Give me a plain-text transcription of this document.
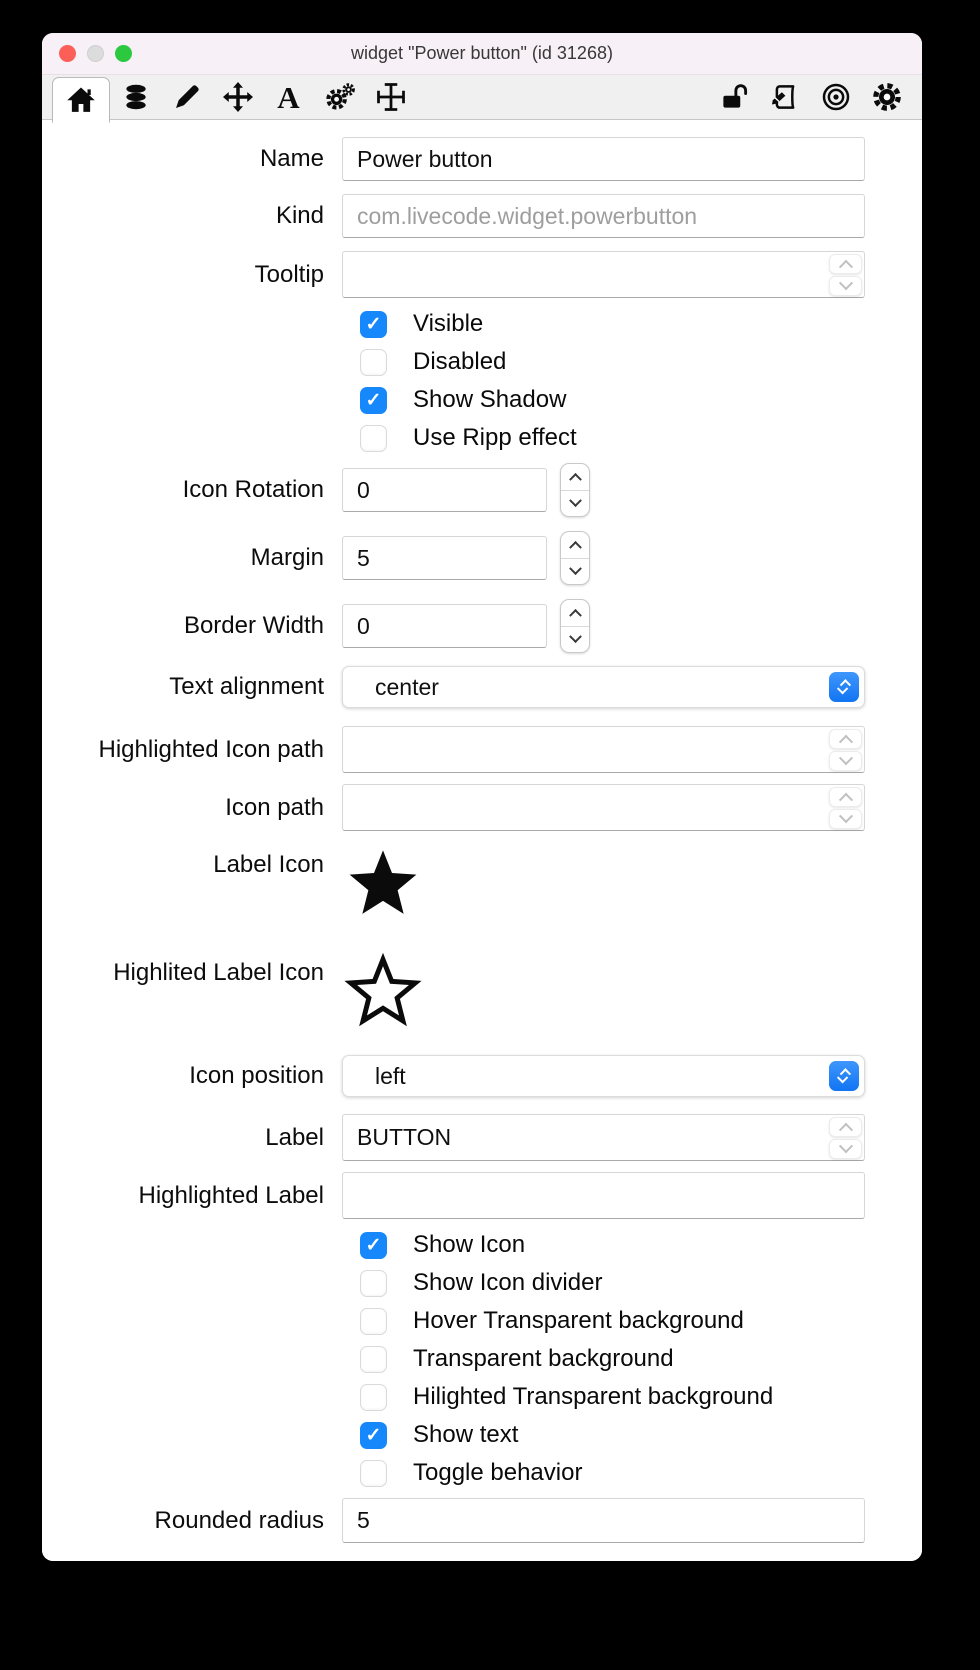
widget "Power button" (id 31268)
A
Name
Power button
Kind
com.livecode.widget.powerbutton
Tooltip
✓ Visible
Disabled
✓ Show Shadow
Use Ripp effect
Icon Rotation
0
Margin
5
Border Width
0
Text alignment	center
Highlighted Icon path
Icon path
Label Icon
Highlited Label Icon
Icon position	left
Label
BUTTON
Highlighted Label
✓ Show Icon
Show Icon divider
Hover Transparent background
Transparent background
Hilighted Transparent background
✓ Show text
Toggle behavior
Rounded radius
5
